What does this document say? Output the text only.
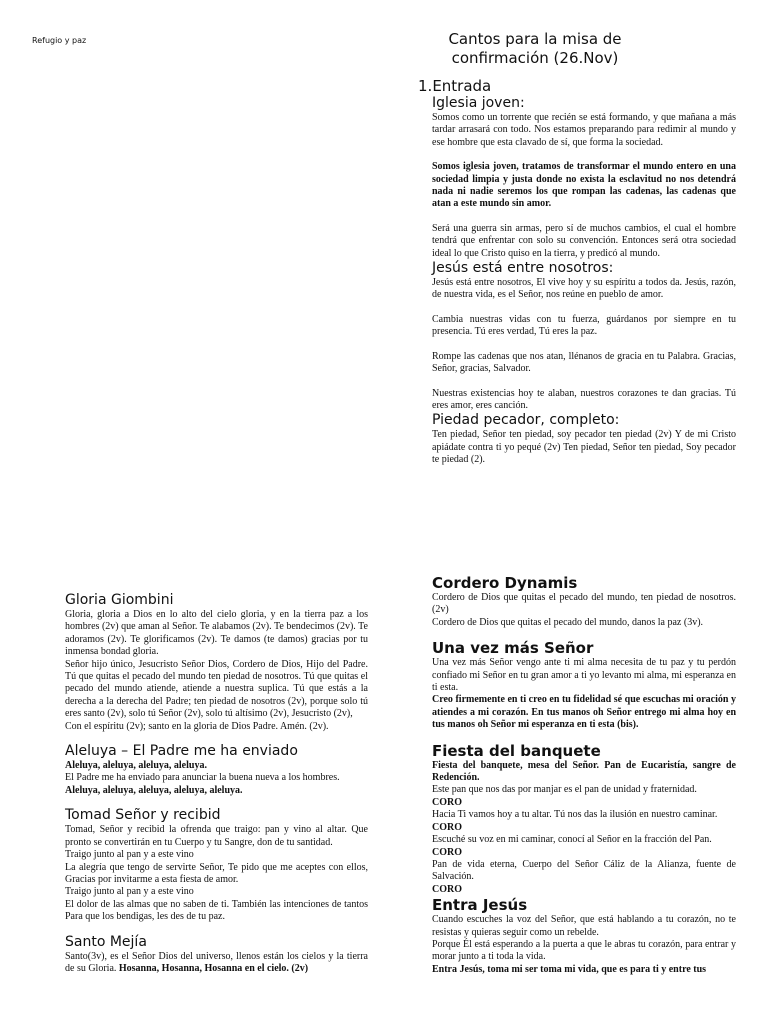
Refugio y paz	Cantos para la misa de confirmación (26.Nov)
1. Entrada
Iglesia joven:

Somos como un torrente que recién se está formando, y que mañana a más tardar arrasará con todo. Nos estamos preparando para redimir al mundo y ese hombre que esta clavado de sí, que forma la sociedad.

Somos iglesia joven, tratamos de transformar el mundo entero en una sociedad limpia y justa donde no exista la esclavitud no nos detendrá nada ni nadie seremos los que rompan las cadenas, las cadenas que atan a este mundo sin amor.

Será una guerra sin armas, pero sí de muchos cambios, el cual el hombre tendrá que enfrentar con solo su convención. Entonces será otra sociedad ideal lo que Cristo quiso en la tierra, y predicó al mundo.

Jesús está entre nosotros:

Jesús está entre nosotros, El vive hoy y su espíritu a todos da. Jesús, razón, de nuestra vida, es el Señor, nos reúne en pueblo de amor.

Cambia nuestras vidas con tu fuerza, guárdanos por siempre en tu presencia. Tú eres verdad, Tú eres la paz.

Rompe las cadenas que nos atan, llénanos de gracia en tu Palabra. Gracias, Señor, gracias, Salvador.

Nuestras existencias hoy te alaban, nuestros corazones te dan gracias. Tú eres amor, eres canción.

Piedad pecador, completo:

Ten piedad, Señor ten piedad, soy pecador ten piedad (2v) Y de mi Cristo apiádate contra ti yo pequé (2v) Ten piedad, Señor ten piedad, Soy pecador te piedad (2).

Gloria Giombini

Gloria, gloria a Dios en lo alto del cielo gloria, y en la tierra paz a los hombres (2v) que aman al Señor. Te alabamos (2v). Te bendecimos (2v). Te adoramos (2v). Te glorificamos (2v). Te damos (te damos) gracias por tu inmensa bondad gloria.

Señor hijo único, Jesucristo Señor Dios, Cordero de Dios, Hijo del Padre. Tú que quitas el pecado del mundo ten piedad de nosotros. Tú que quitas el pecado del mundo atiende, atiende a nuestra suplica. Tú que estás a la derecha a la derecha del Padre; ten piedad de nosotros (2v), porque solo tú eres santo (2v), solo tú Señor (2v), solo tú altísimo (2v), Jesucristo (2v),

Con el espíritu (2v); santo en la gloria de Dios Padre. Amén. (2v).

Aleluya – El Padre me ha enviado

Aleluya, aleluya, aleluya, aleluya.

El Padre me ha enviado para anunciar la buena nueva a los hombres.

Aleluya, aleluya, aleluya, aleluya, aleluya.

Tomad Señor y recibid

Tomad, Señor y recibid la ofrenda que traigo: pan y vino al altar. Que pronto se convertirán en tu Cuerpo y tu Sangre, don de tu santidad.

Traigo junto al pan y a este vino

La alegría que tengo de servirte Señor, Te pido que me aceptes con ellos, Gracias por invitarme a esta fiesta de amor.

Traigo junto al pan y a este vino

El dolor de las almas que no saben de ti. También las intenciones de tantos Para que los bendigas, les des de tu paz.

Santo Mejía

Santo(3v), es el Señor Dios del universo, llenos están los cielos y la tierra de su Gloria. Hosanna, Hosanna, Hosanna en el cielo. (2v)

Cordero Dynamis

Cordero de Dios que quitas el pecado del mundo, ten piedad de nosotros. (2v)

Cordero de Dios que quitas el pecado del mundo, danos la paz (3v).

Una vez más Señor

Una vez más Señor vengo ante ti mi alma necesita de tu paz y tu perdón confiado mi Señor en tu gran amor a ti yo levanto mi alma, mi esperanza en ti esta.

Creo firmemente en ti creo en tu fidelidad sé que escuchas mi oración y atiendes a mi corazón. En tus manos oh Señor entrego mi alma hoy en tus manos oh Señor mi esperanza en ti esta (bis).

Fiesta del banquete

Fiesta del banquete, mesa del Señor. Pan de Eucaristía, sangre de Redención.

Este pan que nos das por manjar es el pan de unidad y fraternidad.

CORO

Hacia Ti vamos hoy a tu altar. Tú nos das la ilusión en nuestro caminar.

CORO

Escuché su voz en mi caminar, conocí al Señor en la fracción del Pan.

CORO

Pan de vida eterna, Cuerpo del Señor Cáliz de la Alianza, fuente de Salvación.

CORO

Entra Jesús

Cuando escuches la voz del Señor, que está hablando a tu corazón, no te resistas y quieras seguir como un rebelde.

Porque Él está esperando a la puerta a que le abras tu corazón, para entrar y morar junto a ti toda la vida.

Entra Jesús, toma mi ser toma mi vida, que es para ti y entre tus
